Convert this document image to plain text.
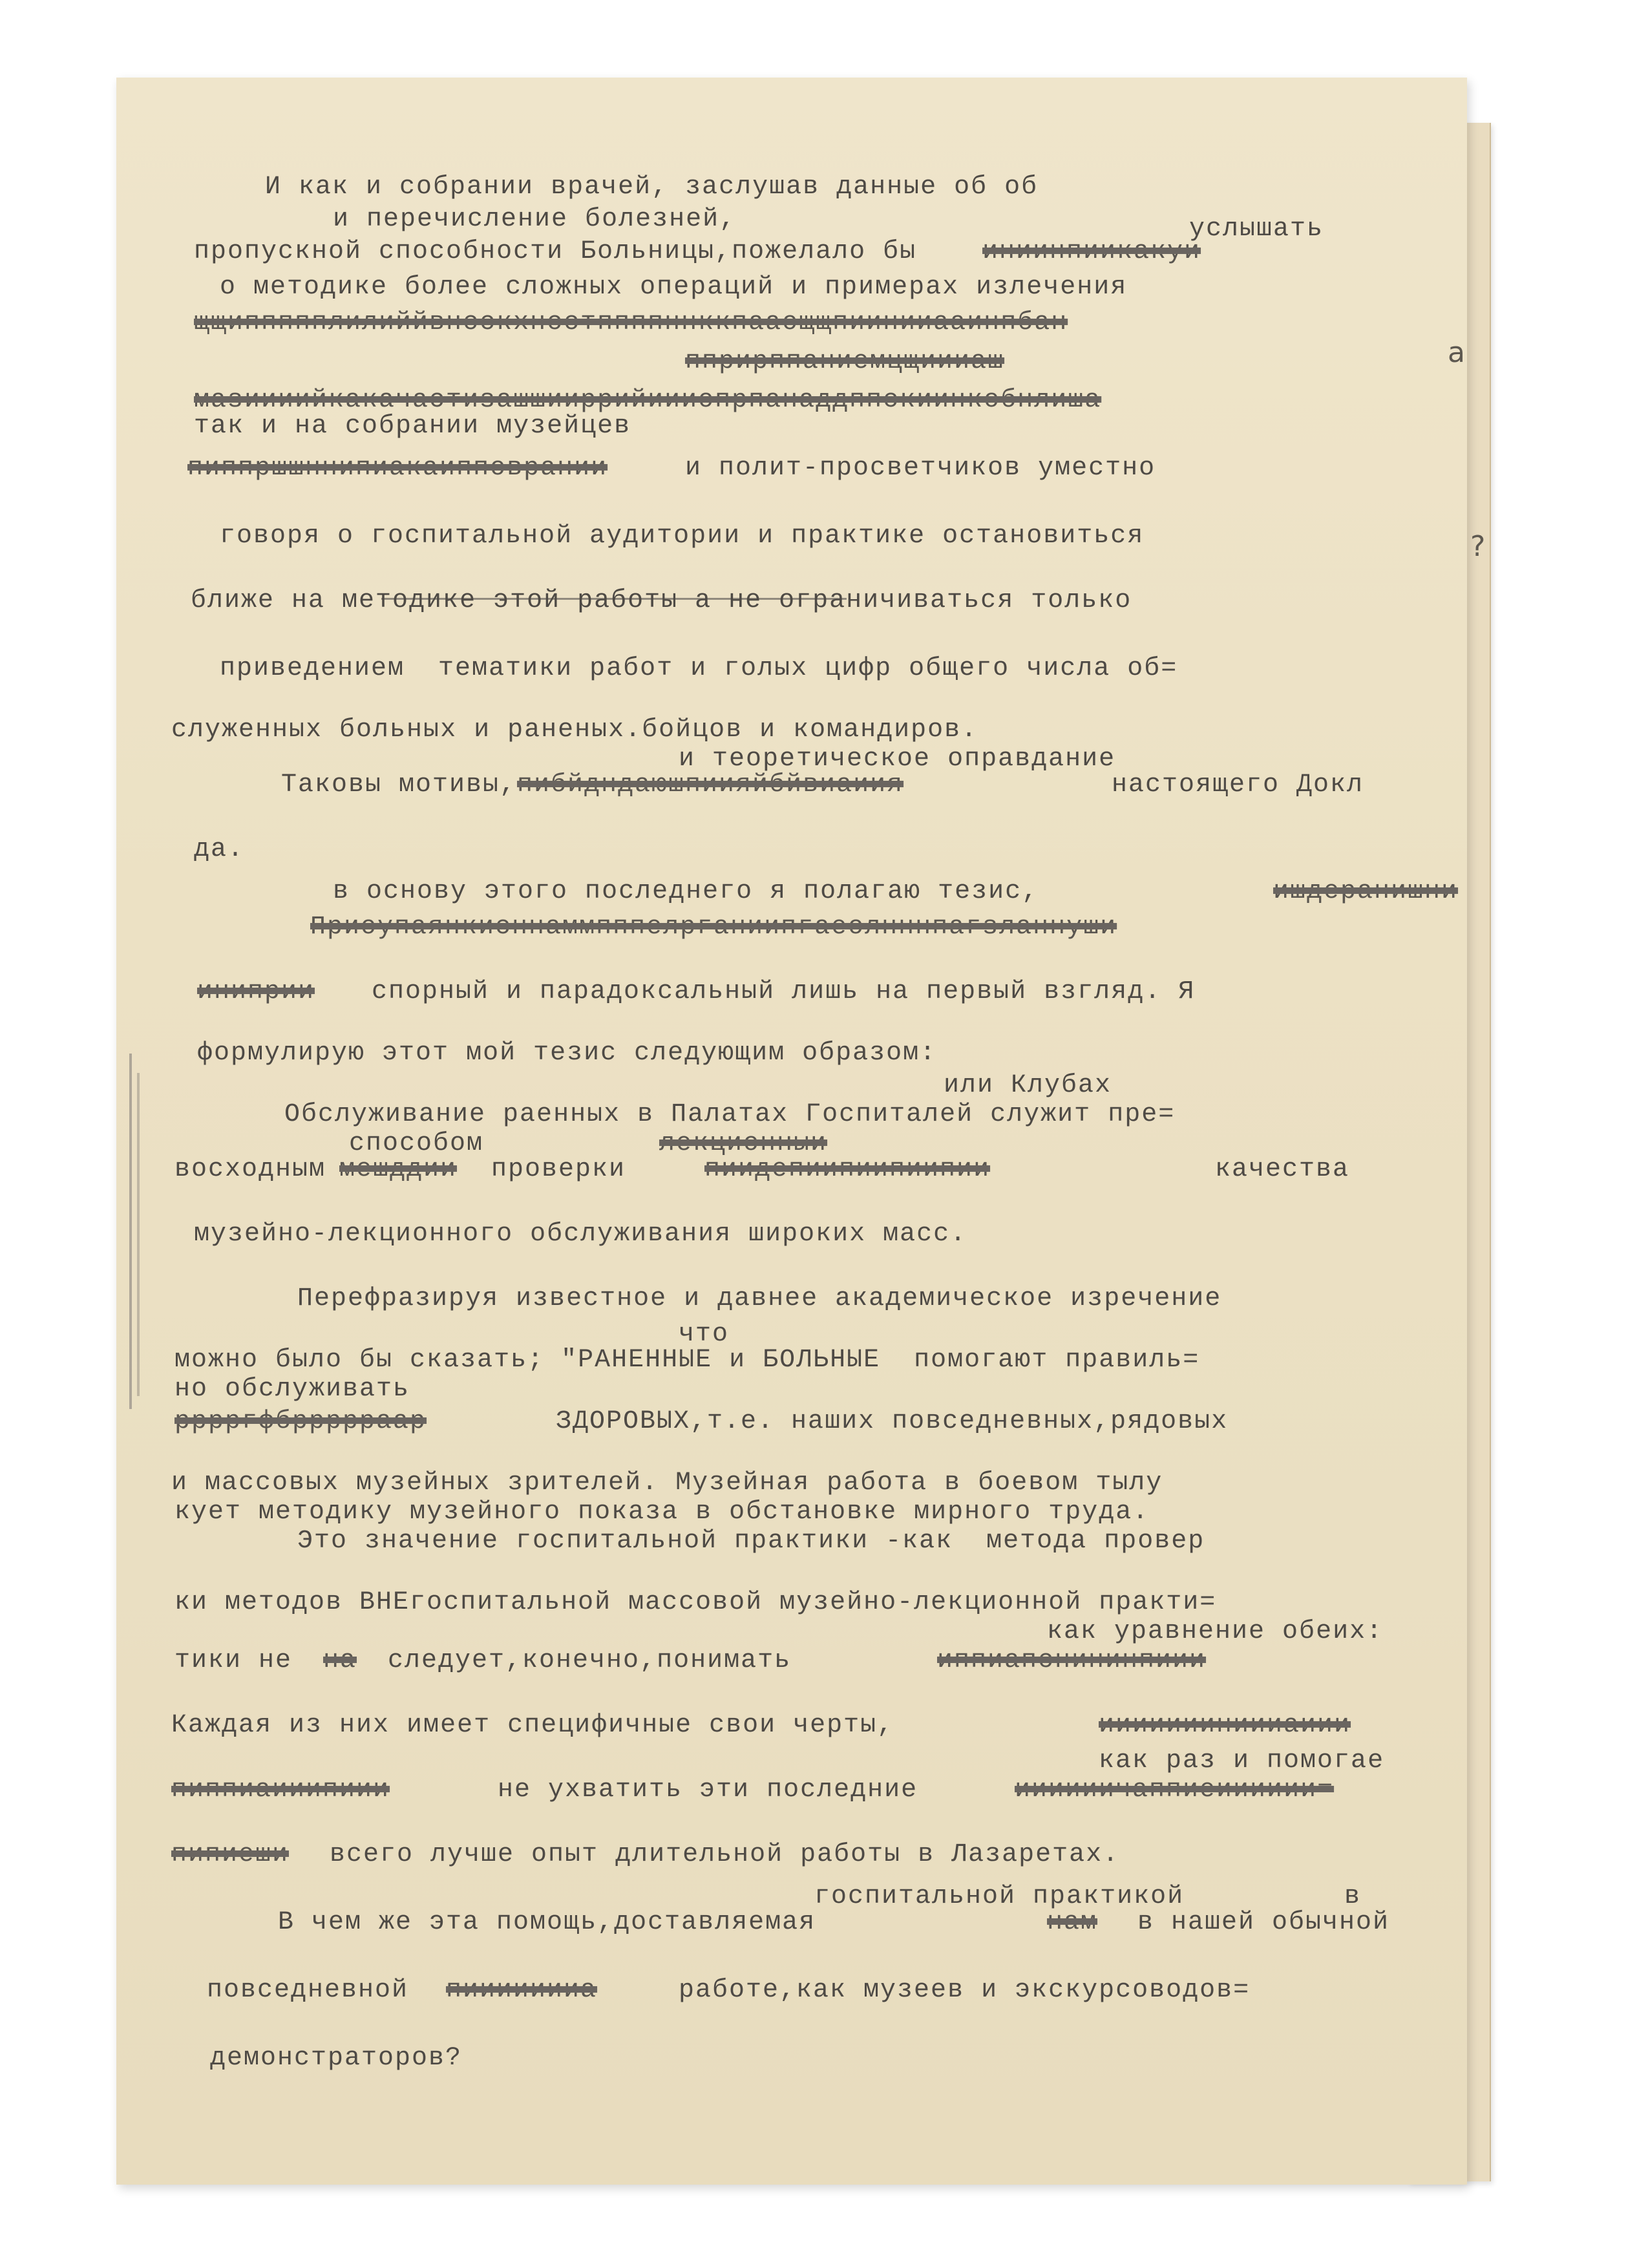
И как и собрании врачей, заслушав данные об об
и перечисление болезней,	услышать
пропускной способности Больницы,пожелало бы	иниинпиикакуи
о методике более сложных операций и примерах излечения
щщиппппплилиййвнсскхнсстппппннккпааощщпиинииааинпбан
пприрппаниемцщиииаш
мазиииийкакачастизашшииррийиииопрпанаддппскиинкобнлиша
так и на собрании музейцев
пиппршшннипиакаипповрании	и полит-просветчиков уместно
говоря о госпитальной аудитории и практике остановиться
ближе на методике этой работы а не ограничиваться только
приведением  тематики работ и голых цифр общего числа об=
служенных больных и раненых.бойцов и командиров.
и теоретическое оправдание
Таковы мотивы, пибйдндаюшпиияйбйвиаиия	настоящего Докл
да.
в основу этого последнего я полагаю тезис,	ишдеранишни
Приоупаянкисннаммпппелрганиипгаеолнннпагзланнуши
иниприи спорный и парадоксальный лишь на первый взгляд. Я
формулирую этот мой тезис следующим образом:
или Клубах
Обслуживание раенных в Палатах Госпиталей служит пре=
способом	лекционныи
восходным мешддии проверки	пиидепиипиипиипии	качества
музейно-лекционного обслуживания широких масс.
Перефразируя известное и давнее академическое изречение
что
можно было бы сказать; "РАНЕННЫЕ и БОЛЬНЫЕ  помогают правиль=
но обслуживать
рррргфбррррраар	ЗДОРОВЫХ,т.е. наших повседневных,рядовых
и массовых музейных зрителей. Музейная работа в боевом тылу
кует методику музейного показа в обстановке мирного труда.
Это значение госпитальной практики -как  метода провер
ки методов ВНЕгоспитальной массовой музейно-лекционной практи=
как уравнение обеих:
тики не на следует,конечно,понимать	иппиапснининпиии
Каждая из них имеет специфичные свои черты,	иииииииниииаиии
как раз и помогае
пиппиаииипиии	не ухватить эти последние	иииииичаппиеииииии=
пипиеши всего лучше опыт длительной работы в Лазаретах.
госпитальной практикой	в
В чем же эта помощь,доставляемая	нам в нашей обычной
повседневной пиииииииа	работе,как музеев и экскурсоводов=
демонстраторов?
а
?
